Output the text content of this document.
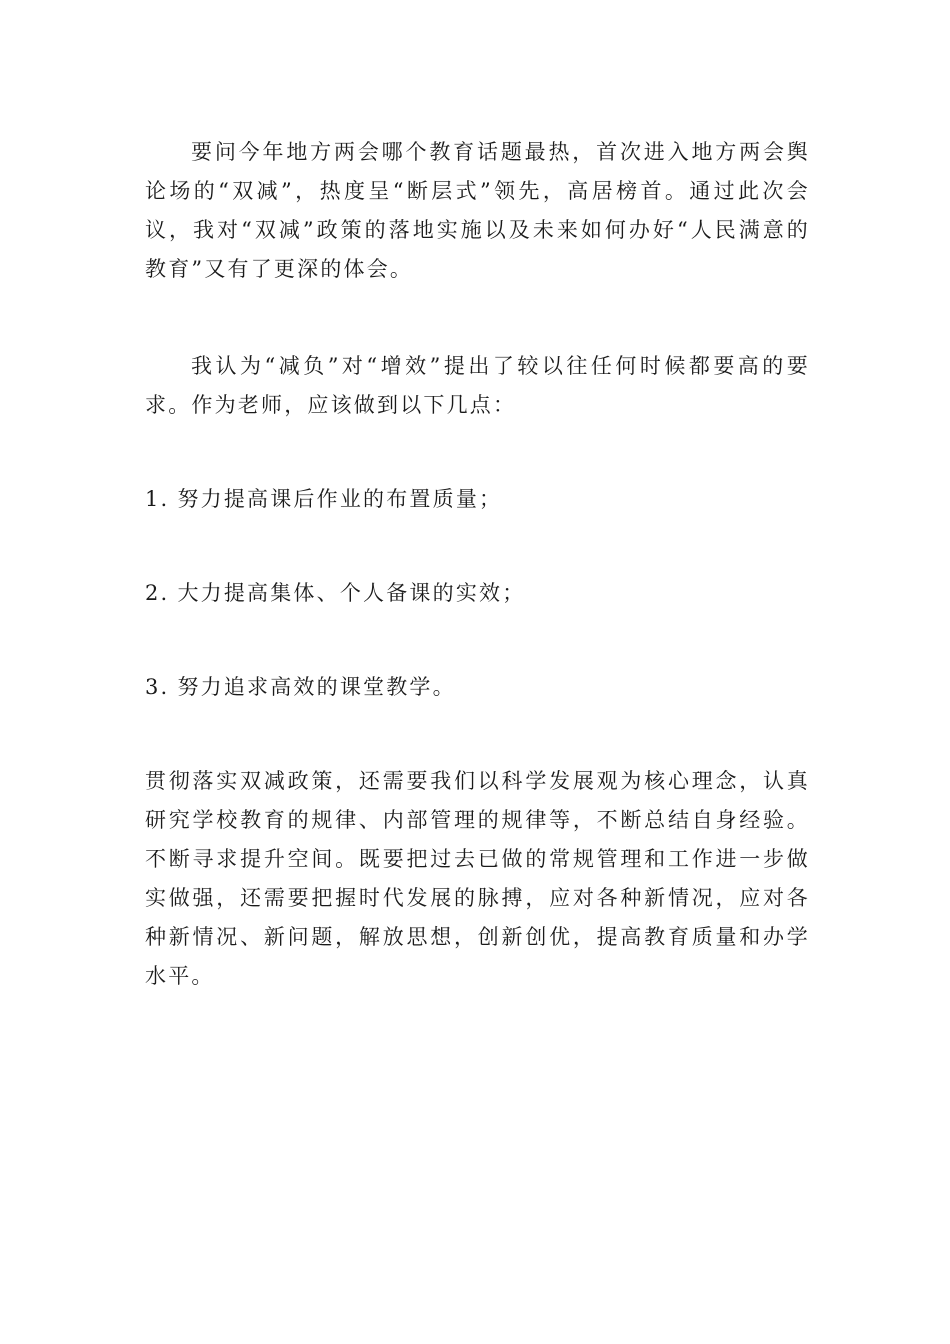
要问今年地方两会哪个教育话题最热，首次进入地方两会舆论场的“双减”，热度呈“断层式”领先，高居榜首。通过此次会议，我对“双减”政策的落地实施以及未来如何办好“人民满意的教育”又有了更深的体会。

我认为“减负”对“增效”提出了较以往任何时候都要高的要求。作为老师，应该做到以下几点：

1. 努力提高课后作业的布置质量；

2. 大力提高集体、个人备课的实效；

3. 努力追求高效的课堂教学。

贯彻落实双减政策，还需要我们以科学发展观为核心理念，认真研究学校教育的规律、内部管理的规律等，不断总结自身经验。不断寻求提升空间。既要把过去已做的常规管理和工作进一步做实做强，还需要把握时代发展的脉搏，应对各种新情况，应对各种新情况、新问题，解放思想，创新创优，提高教育质量和办学水平。
